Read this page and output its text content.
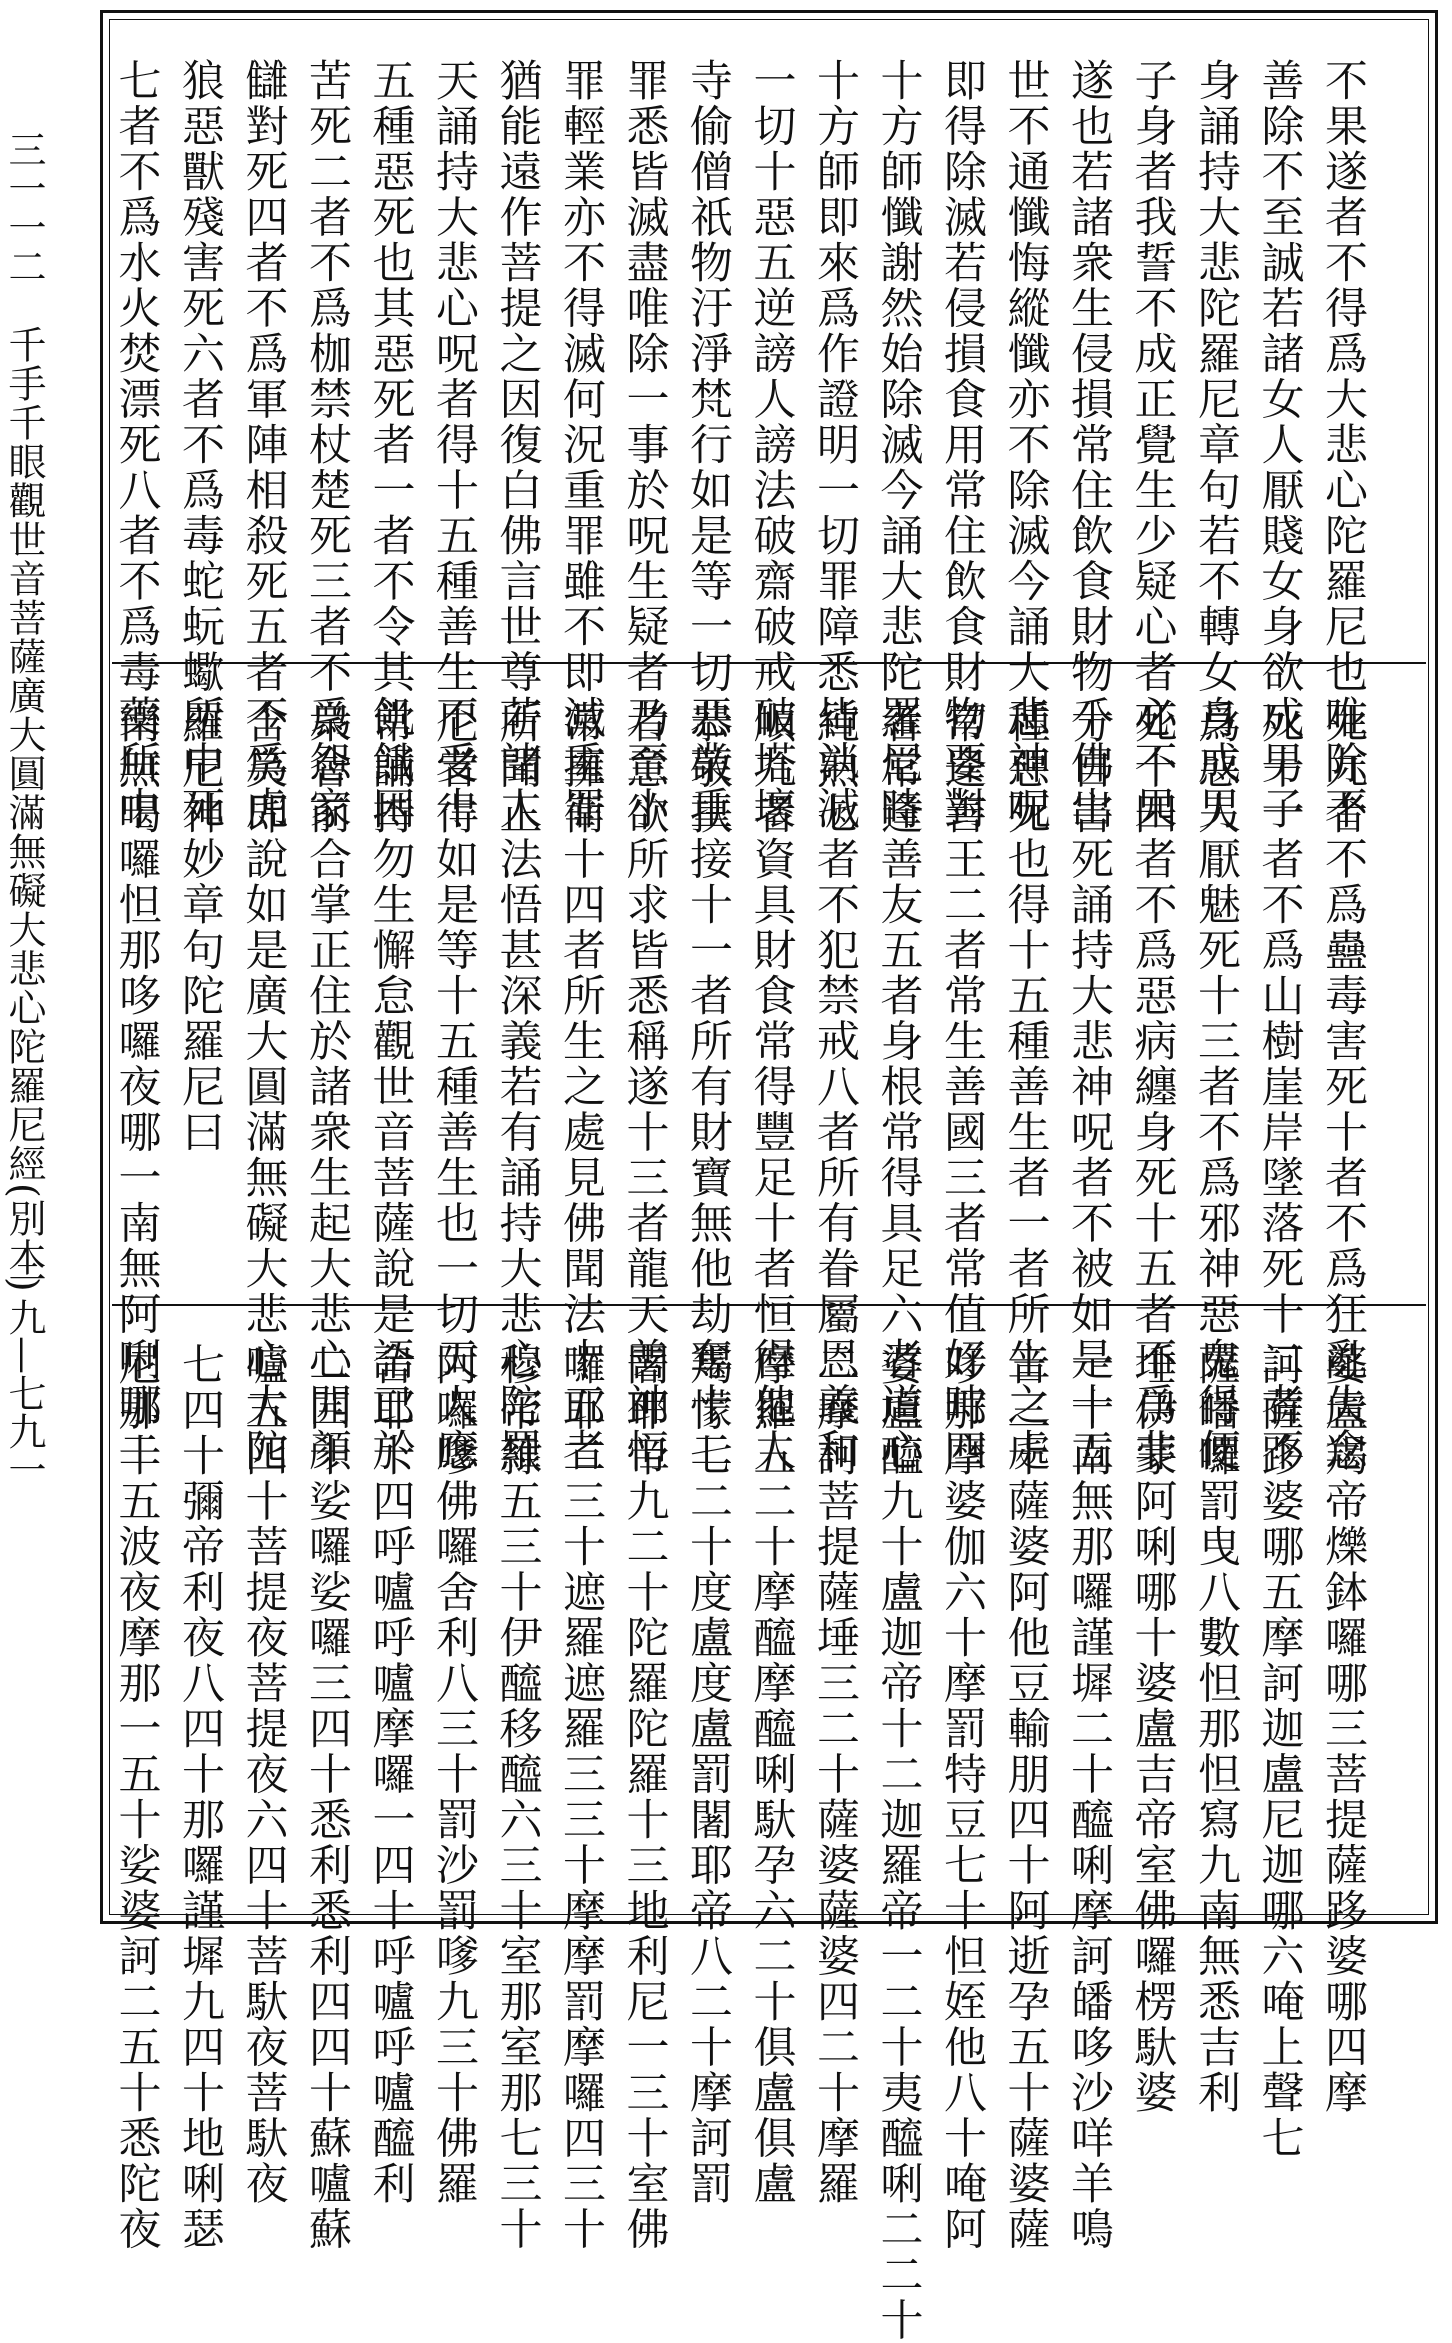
三一一二　千手千眼觀世音菩薩廣大圓滿無礙大悲心陀羅尼經(別本)
一九—七九一
不果遂者不得爲大悲心陀羅尼也唯除不
善除不至誠若諸女人厭賤女身欲成男子
身誦持大悲陀羅尼章句若不轉女身成男
子身者我誓不成正覺生少疑心者必不果
遂也若諸衆生侵損常住飲食財物千佛出
世不通懺悔縱懺亦不除滅今誦大悲神呪
即得除滅若侵損食用常住飲食財物要對
十方師懺謝然始除滅今誦大悲陀羅尼時
十方師即來爲作證明一切罪障悉皆消滅
一切十惡五逆謗人謗法破齋破戒破塔壞
寺偷僧祇物汙淨梵行如是等一切惡業重
罪悉皆滅盡唯除一事於呪生疑者乃至小
罪輕業亦不得滅何況重罪雖不即滅重罪
猶能遠作菩提之因復白佛言世尊若諸人
天誦持大悲心呪者得十五種善生不受十
五種惡死也其惡死者一者不令其飢餓困
苦死二者不爲枷禁杖楚死三者不爲怨家
讎對死四者不爲軍陣相殺死五者不爲虎
狼惡獸殘害死六者不爲毒蛇蚖蠍所中死
七者不爲水火焚漂死八者不爲毒藥所中
死九者不爲蠱毒害死十者不爲狂亂失念
死十一者不爲山樹崖岸墜落死十二者不
爲惡人厭魅死十三者不爲邪神惡鬼得便
死十四者不爲惡病纏身死十五者不爲非
分自害死誦持大悲神呪者不被如是十五
種惡死也得十五種善生者一者所生之處
常逢善王二者常生善國三者常值好時四
者常逢善友五者身根常得具足六者道心
純熟七者不犯禁戒八者所有眷屬恩義和
順九者資具財食常得豐足十者恒得他人
恭敬扶接十一者所有財寶無他劫奪十二
者意欲所求皆悉稱遂十三者龍天善神恒
常擁衛十四者所生之處見佛聞法十五者
所聞正法悟甚深義若有誦持大悲心陀羅
尼者得如是等十五種善生也一切天人應
常誦持勿生懈怠觀世音菩薩說是語已於
衆會前合掌正住於諸衆生起大悲心開顏
含笑即說如是廣大圓滿無礙大悲心大陀
羅尼神妙章句陀羅尼曰
南無喝囉怛那哆囉夜哪一南無阿唎哪二
婆盧羯帝爍鉢囉哪三菩提薩跢婆哪四摩
訶薩跢婆哪五摩訶迦盧尼迦哪六唵上聲七
薩皤囉罰曳八數怛那怛寫九南無悉吉利
埵伊蒙阿唎哪十婆盧吉帝室佛囉楞馱婆
一十南無那囉謹墀二十醯唎摩訶皤哆沙咩羊鳴
音三十薩婆阿他豆輸朋四十阿逝孕五十薩婆薩
哆那摩婆伽六十摩罰特豆七十怛姪他八十唵阿
婆盧醯九十盧迦帝十二迦羅帝一二十夷醯唎二二十
二摩訶菩提薩埵三二十薩婆薩婆四二十摩羅
摩羅五二十摩醯摩醯唎馱孕六二十俱盧俱盧
羯懞七二十度盧度盧罰闍耶帝八二十摩訶罰
闍耶帝九二十陀羅陀羅十三地利尼一三十室佛
囉耶二三十遮羅遮羅三三十摩摩罰摩囉四三十
穆帝隸五三十伊醯移醯六三十室那室那七三十
阿囉嗲佛囉舍利八三十罰沙罰嗲九三十佛羅
舍耶十四呼嚧呼嚧摩囉一四十呼嚧呼嚧醯利
二四十娑囉娑囉三四十悉利悉利四四十蘇嚧蘇
嚧五四十菩提夜菩提夜六四十菩馱夜菩馱夜
七四十彌帝利夜八四十那囉謹墀九四十地唎瑟
尼那十五波夜摩那一五十娑婆訶二五十悉陀夜
